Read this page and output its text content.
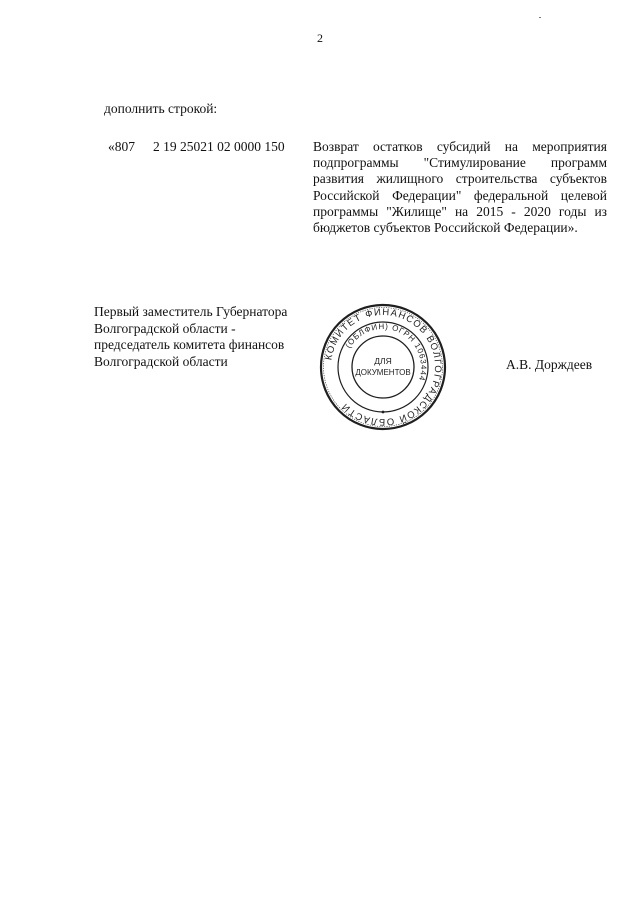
2
дополнить строкой:
«807 2 19 25021 02 0000 150 Возврат остатков субсидий на мероприятия подпрограммы "Стимулирование программ развития жилищного строительства субъектов Российской Федерации" федеральной целевой программы "Жилище" на 2015 - 2020 годы из бюджетов субъектов Российской Федерации».
Первый заместитель Губернатора
Волгоградской области -
председатель комитета финансов
Волгоградской области	А.В. Дорждеев
КОМИТЕТ ФИНАНСОВ ВОЛГОГРАДСКОЙ ОБЛАСТИ
(ОБЛФИН) ОГРН 1063444
ДЛЯ
ДОКУМЕНТОВ
